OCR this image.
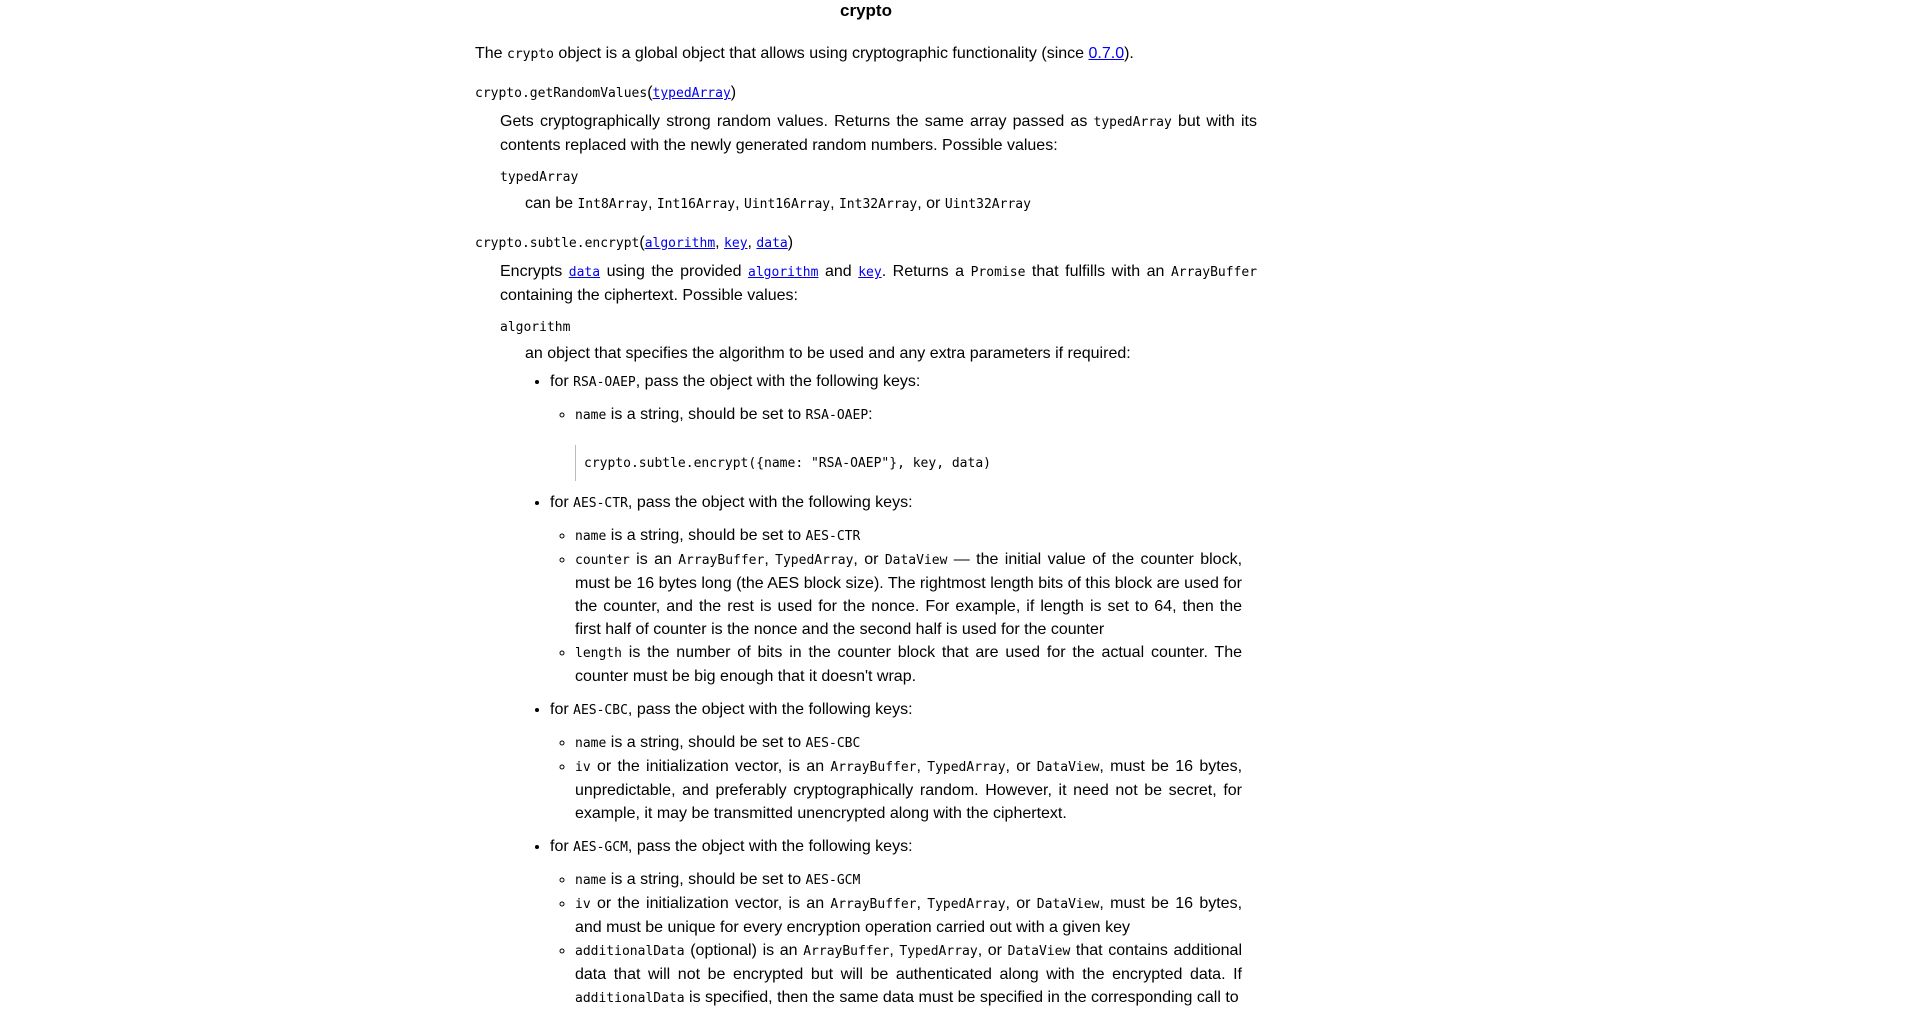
crypto

The crypto object is a global object that allows using cryptographic functionality (since 0.7.0).

crypto.getRandomValues(typedArray)

Gets cryptographically strong random values. Returns the same array passed as typedArray but with its contents replaced with the newly generated random numbers. Possible values:

typedArray
can be Int8Array, Int16Array, Uint16Array, Int32Array, or Uint32Array
crypto.subtle.encrypt(algorithm, key, data)

Encrypts data using the provided algorithm and key. Returns a Promise that fulfills with an ArrayBuffer containing the ciphertext. Possible values:

algorithm
an object that specifies the algorithm to be used and any extra parameters if required:
• for RSA-OAEP, pass the object with the following keys:
◦ name is a string, should be set to RSA-OAEP:
crypto.subtle.encrypt({name: "RSA-OAEP"}, key, data)
• for AES-CTR, pass the object with the following keys:
◦ name is a string, should be set to AES-CTR
◦ counter is an ArrayBuffer, TypedArray, or DataView — the initial value of the counter block, must be 16 bytes long (the AES block size). The rightmost length bits of this block are used for the counter, and the rest is used for the nonce. For example, if length is set to 64, then the first half of counter is the nonce and the second half is used for the counter
◦ length is the number of bits in the counter block that are used for the actual counter. The counter must be big enough that it doesn't wrap.
• for AES-CBC, pass the object with the following keys:
◦ name is a string, should be set to AES-CBC
◦ iv or the initialization vector, is an ArrayBuffer, TypedArray, or DataView, must be 16 bytes, unpredictable, and preferably cryptographically random. However, it need not be secret, for example, it may be transmitted unencrypted along with the ciphertext.
• for AES-GCM, pass the object with the following keys:
◦ name is a string, should be set to AES-GCM
◦ iv or the initialization vector, is an ArrayBuffer, TypedArray, or DataView, must be 16 bytes, and must be unique for every encryption operation carried out with a given key
◦ additionalData (optional) is an ArrayBuffer, TypedArray, or DataView that contains additional data that will not be encrypted but will be authenticated along with the encrypted data. If additionalData is specified, then the same data must be specified in the corresponding call to
